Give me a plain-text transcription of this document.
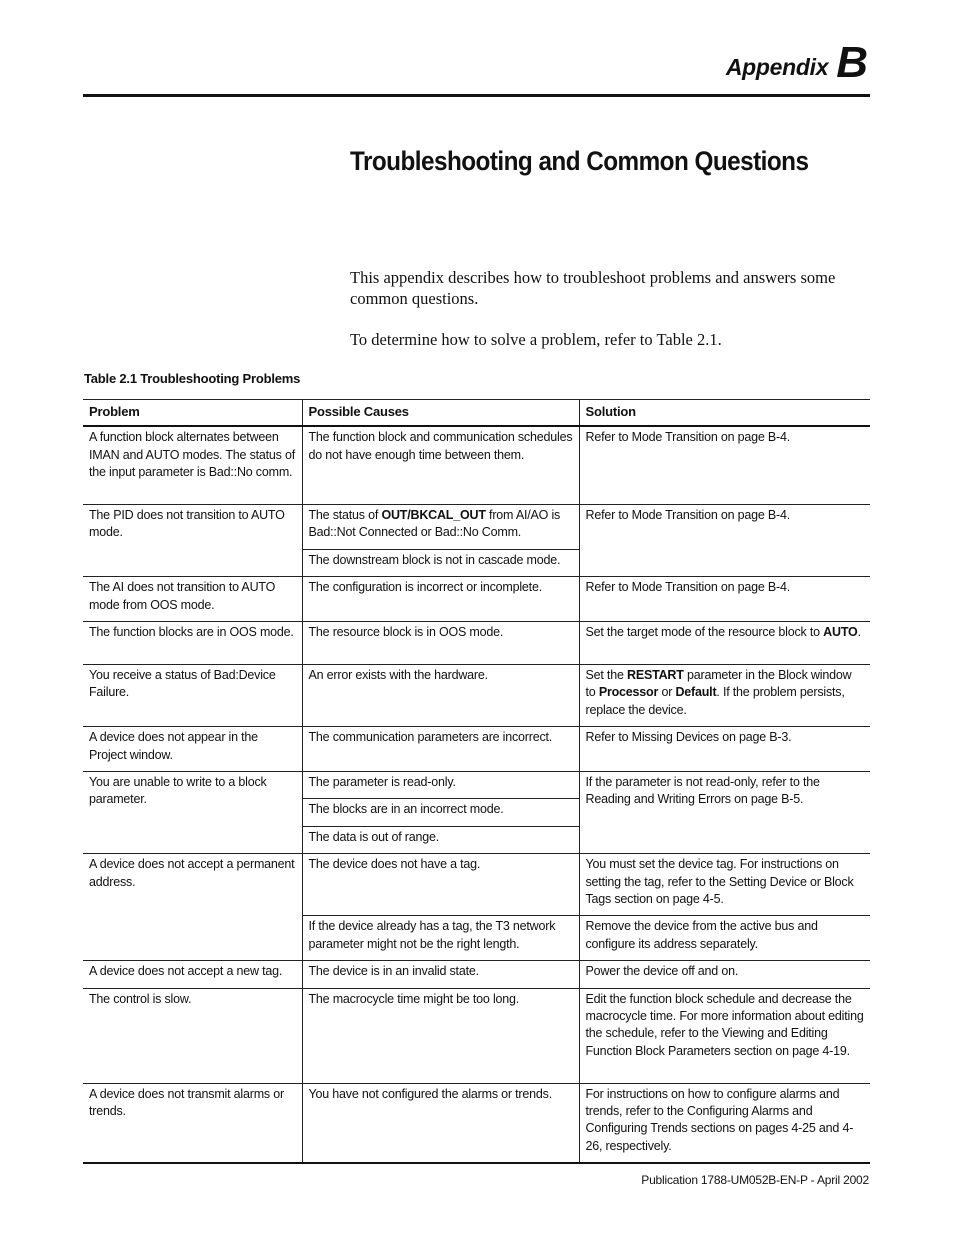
Appendix B
Troubleshooting and Common Questions

This appendix describes how to troubleshoot problems and answers some common questions.

To determine how to solve a problem, refer to Table 2.1.

Table 2.1 Troubleshooting Problems

Problem	Possible Causes	Solution
A function block alternates between IMAN and AUTO modes. The status of the input parameter is Bad::No comm.	The function block and communication schedules do not have enough time between them.	Refer to Mode Transition on page B-4.
The PID does not transition to AUTO mode.	The status of OUT/BKCAL_OUT from AI/AO is Bad::Not Connected or Bad::No Comm.	Refer to Mode Transition on page B-4.
	The downstream block is not in cascade mode.	
The AI does not transition to AUTO mode from OOS mode.	The configuration is incorrect or incomplete.	Refer to Mode Transition on page B-4.
The function blocks are in OOS mode.	The resource block is in OOS mode.	Set the target mode of the resource block to AUTO.
You receive a status of Bad:Device Failure.	An error exists with the hardware.	Set the RESTART parameter in the Block window to Processor or Default. If the problem persists, replace the device.
A device does not appear in the Project window.	The communication parameters are incorrect.	Refer to Missing Devices on page B-3.
You are unable to write to a block parameter.	The parameter is read-only.	If the parameter is not read-only, refer to the Reading and Writing Errors on page B-5.
	The blocks are in an incorrect mode.	
	The data is out of range.	
A device does not accept a permanent address.	The device does not have a tag.	You must set the device tag. For instructions on setting the tag, refer to the Setting Device or Block Tags section on page 4-5.
	If the device already has a tag, the T3 network parameter might not be the right length.	Remove the device from the active bus and configure its address separately.
A device does not accept a new tag.	The device is in an invalid state.	Power the device off and on.
The control is slow.	The macrocycle time might be too long.	Edit the function block schedule and decrease the macrocycle time. For more information about editing the schedule, refer to the Viewing and Editing Function Block Parameters section on page 4-19.
A device does not transmit alarms or trends.	You have not configured the alarms or trends.	For instructions on how to configure alarms and trends, refer to the Configuring Alarms and Configuring Trends sections on pages 4-25 and 4-26, respectively.
Publication 1788-UM052B-EN-P - April 2002
